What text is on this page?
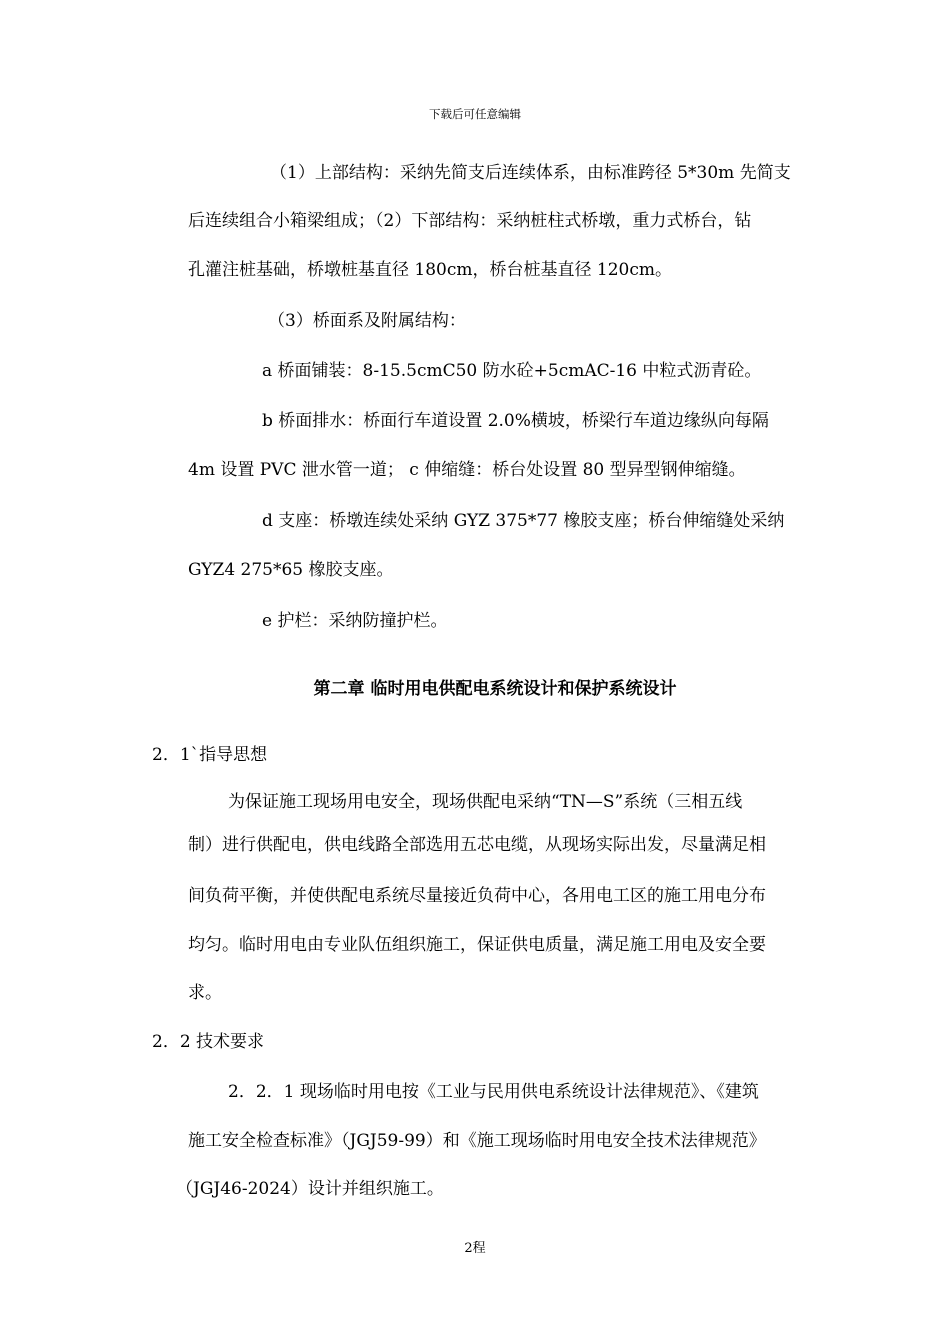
下载后可任意编辑
（1）上部结构：采纳先简支后连续体系，由标准跨径 5*30m 先简支
后连续组合小箱梁组成；（2）下部结构：采纳桩柱式桥墩，重力式桥台，钻
孔灌注桩基础，桥墩桩基直径 180cm，桥台桩基直径 120cm。
（3）桥面系及附属结构：
a 桥面铺装：8-15.5cmC50 防水砼+5cmAC-16 中粒式沥青砼。
b 桥面排水：桥面行车道设置 2.0%横坡，桥梁行车道边缘纵向每隔
4m 设置 PVC 泄水管一道； c 伸缩缝：桥台处设置 80 型异型钢伸缩缝。
d 支座：桥墩连续处采纳 GYZ 375*77 橡胶支座；桥台伸缩缝处采纳
GYZ4 275*65 橡胶支座。
e 护栏：采纳防撞护栏。
第二章 临时用电供配电系统设计和保护系统设计
2．1`指导思想
为保证施工现场用电安全，现场供配电采纳“TN—S”系统（三相五线
制）进行供配电，供电线路全部选用五芯电缆，从现场实际出发，尽量满足相
间负荷平衡，并使供配电系统尽量接近负荷中心，各用电工区的施工用电分布
均匀。临时用电由专业队伍组织施工，保证供电质量，满足施工用电及安全要
求。
2．2 技术要求
2．2．1 现场临时用电按《工业与民用供电系统设计法律规范》、《建筑
施工安全检查标准》（JGJ59-99）和《施工现场临时用电安全技术法律规范》
（JGJ46-2024）设计并组织施工。
2程
